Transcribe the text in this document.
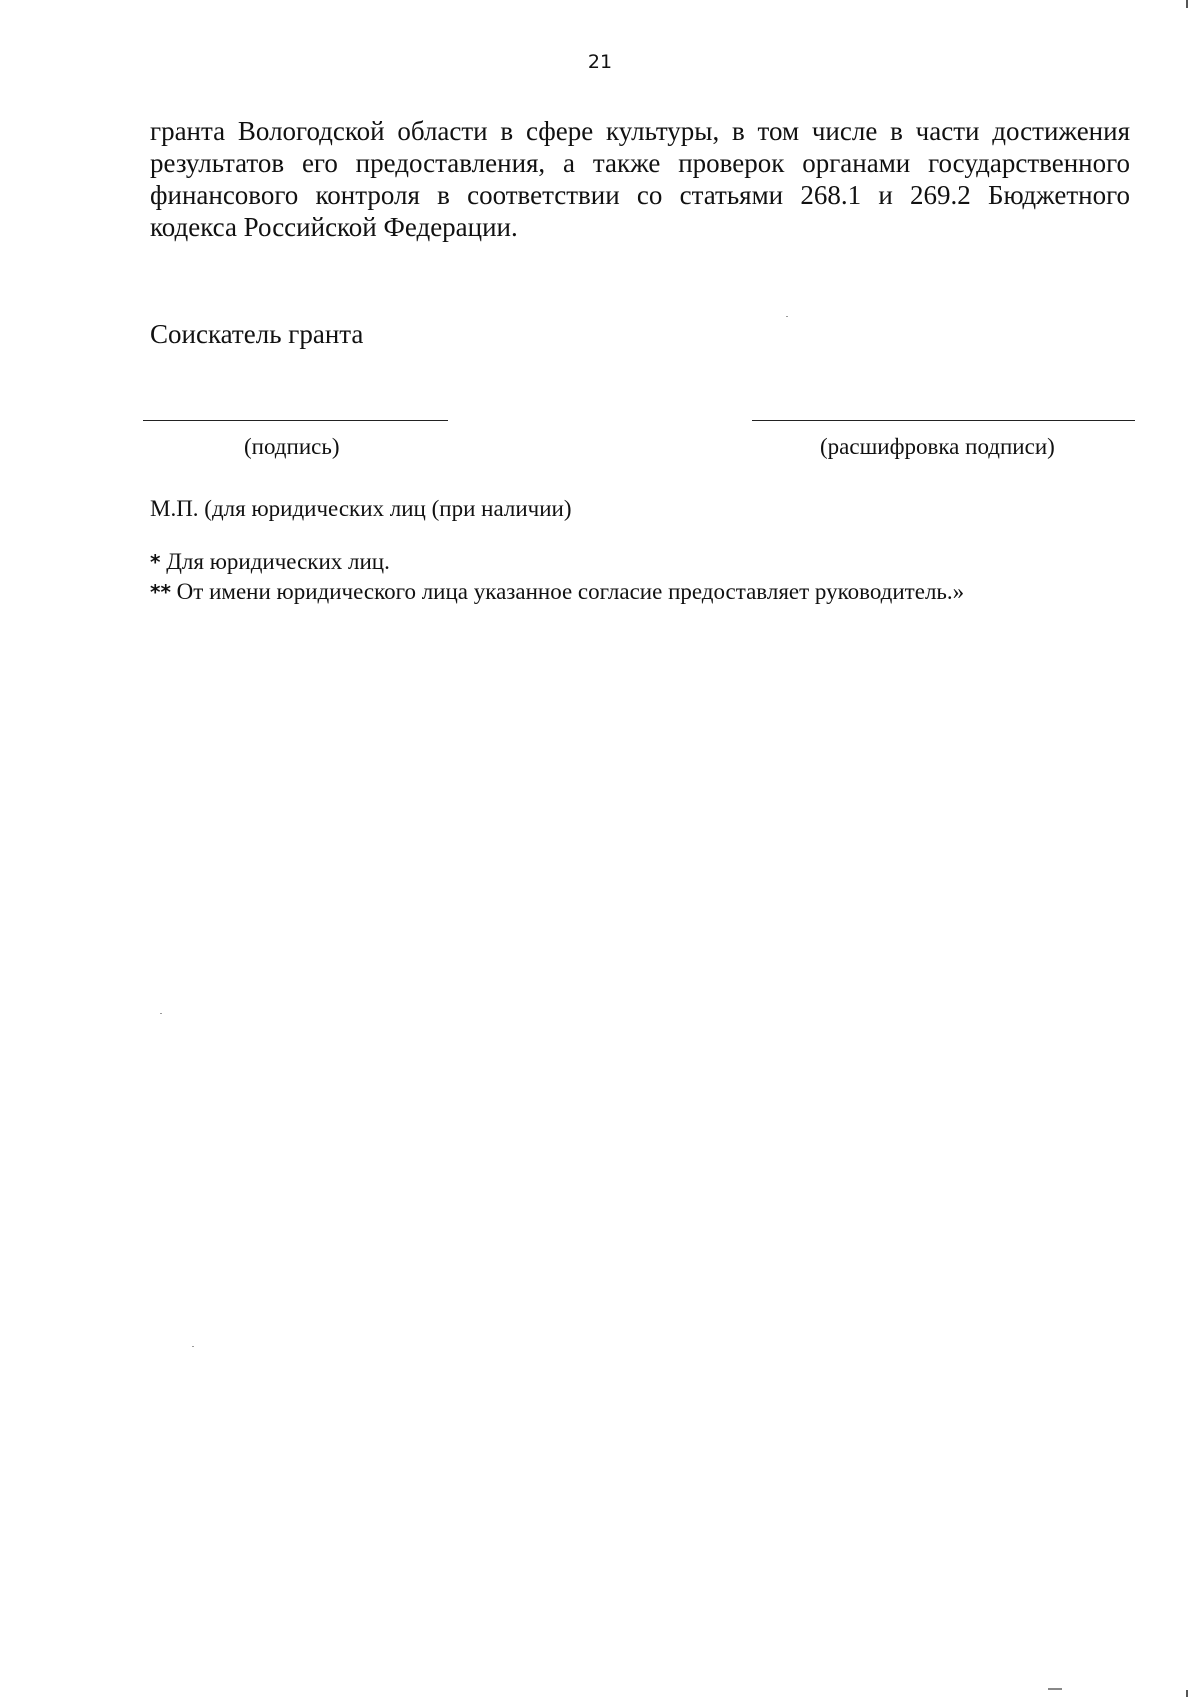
21

гранта Вологодской области в сфере культуры, в том числе в части достижения
результатов его предоставления, а также проверок органами государственного
финансового контроля в соответствии со статьями 268.1 и 269.2 Бюджетного
кодекса Российской Федерации.

Соискатель гранта
(подпись)	(расшифровка подписи)
М.П. (для юридических лиц (при наличии)
* Для юридических лиц.
** От имени юридического лица указанное согласие предоставляет руководитель.»
